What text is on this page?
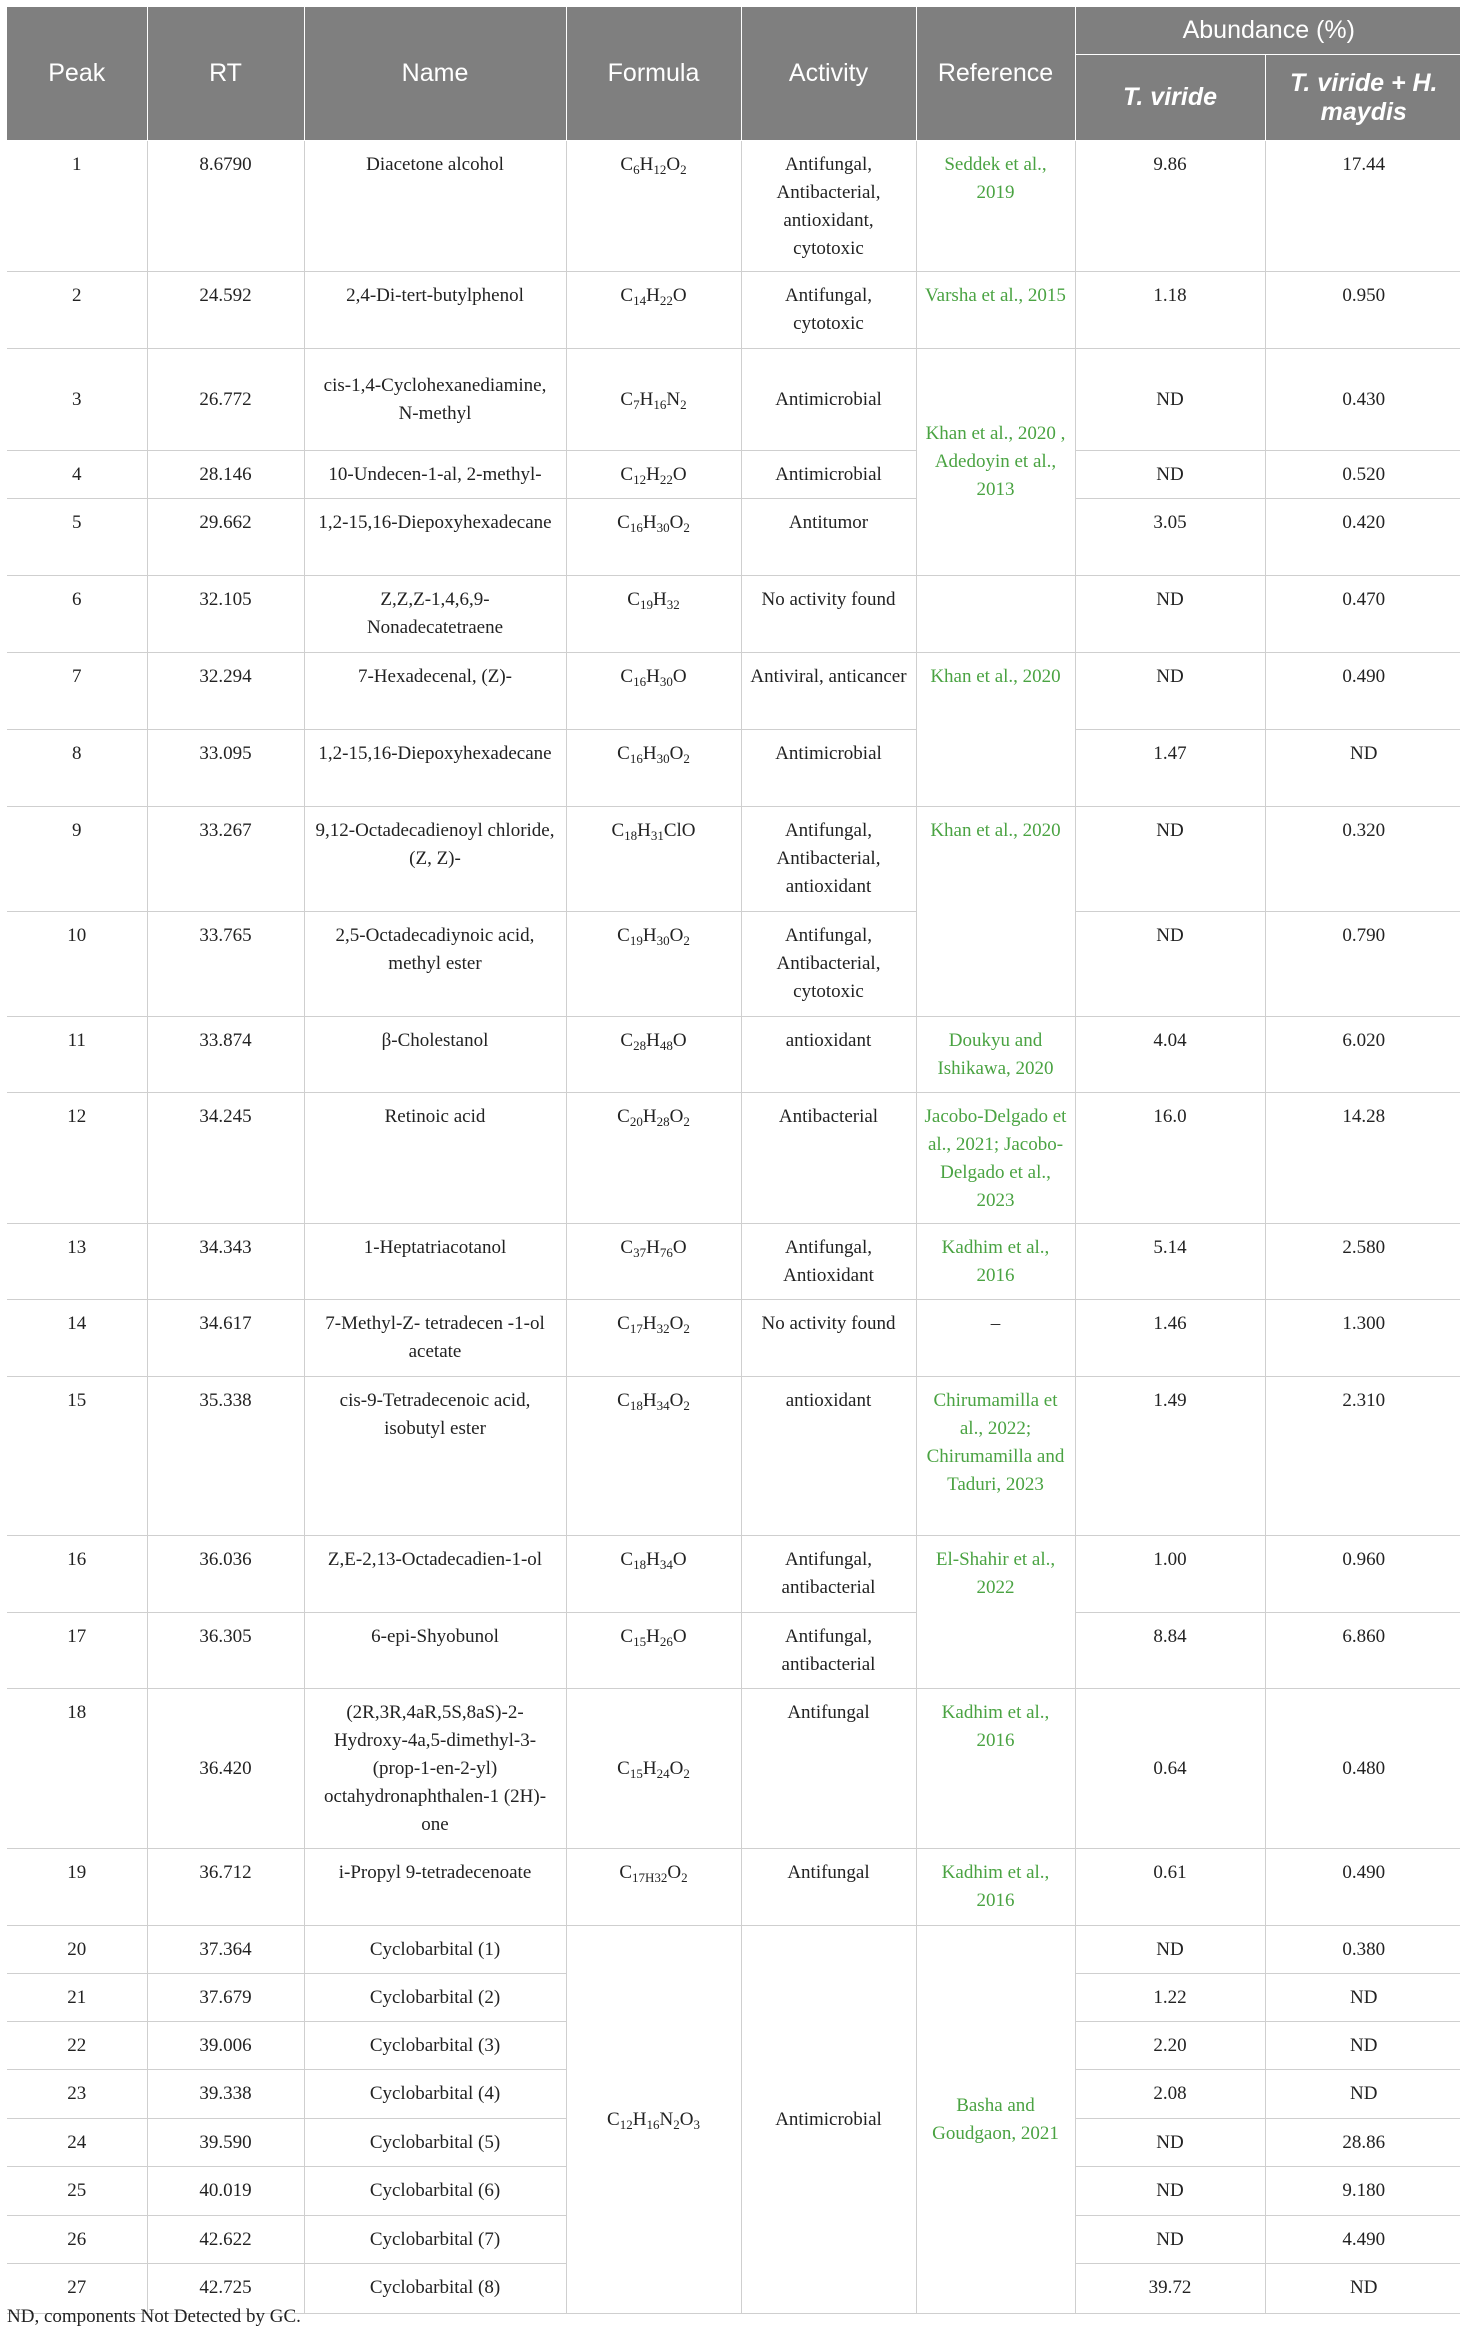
Peak	RT	Name	Formula	Activity	Reference	Abundance (%)	
						T. viride	T. viride + H. maydis
1	8.6790	Diacetone alcohol	$C_6H_{12}O_2$	Antifungal, Antibacterial, antioxidant, cytotoxic	Seddek et al., 2019	9.86	17.44
2	24.592	2,4-Di-tert-butylphenol	$C_{14}H_{22}O$	Antifungal, cytotoxic	Varsha et al., 2015	1.18	0.950
3	26.772	cis-1,4-Cyclohexanediamine, N-methyl	$C_7H_{16}N_2$	Antimicrobial	Khan et al., 2020 , Adedoyin et al., 2013	ND	0.430
4	28.146	10-Undecen-1-al, 2-methyl-	$C_{12}H_{22}O$	Antimicrobial		ND	0.520
5	29.662	1,2-15,16-Diepoxyhexadecane	$C_{16}H_{30}O_2$	Antitumor		3.05	0.420
6	32.105	Z,Z,Z-1,4,6,9-Nonadecatetraene	$C_{19}H_{32}$	No activity found		ND	0.470
7	32.294	7-Hexadecenal, (Z)-	$C_{16}H_{30}O$	Antiviral, anticancer	Khan et al., 2020	ND	0.490
8	33.095	1,2-15,16-Diepoxyhexadecane	$C_{16}H_{30}O_2$	Antimicrobial		1.47	ND
9	33.267	9,12-Octadecadienoyl chloride, (Z, Z)-	$C_{18}H_{31}ClO$	Antifungal, Antibacterial, antioxidant	Khan et al., 2020	ND	0.320
10	33.765	2,5-Octadecadiynoic acid, methyl ester	$C_{19}H_{30}O_2$	Antifungal, Antibacterial, cytotoxic		ND	0.790
11	33.874	β-Cholestanol	$C_{28}H_{48}O$	antioxidant	Doukyu and Ishikawa, 2020	4.04	6.020
12	34.245	Retinoic acid	$C_{20}H_{28}O_2$	Antibacterial	Jacobo-Delgado et al., 2021; Jacobo-Delgado et al., 2023	16.0	14.28
13	34.343	1-Heptatriacotanol	$C_{37}H_{76}O$	Antifungal, Antioxidant	Kadhim et al., 2016	5.14	2.580
14	34.617	7-Methyl-Z- tetradecen -1-ol acetate	$C_{17}H_{32}O_2$	No activity found	–	1.46	1.300
15	35.338	cis-9-Tetradecenoic acid, isobutyl ester	$C_{18}H_{34}O_2$	antioxidant	Chirumamilla et al., 2022; Chirumamilla and Taduri, 2023	1.49	2.310
16	36.036	Z,E-2,13-Octadecadien-1-ol	$C_{18}H_{34}O$	Antifungal, antibacterial	El-Shahir et al., 2022	1.00	0.960
17	36.305	6-epi-Shyobunol	$C_{15}H_{26}O$	Antifungal, antibacterial		8.84	6.860
18	36.420	(2R,3R,4aR,5S,8aS)-2-Hydroxy-4a,5-dimethyl-3-(prop-1-en-2-yl) octahydronaphthalen-1 (2H)-one	$C_{15}H_{24}O_2$	Antifungal	Kadhim et al., 2016	0.64	0.480
19	36.712	i-Propyl 9-tetradecenoate	$C_{17H32}O_2$	Antifungal	Kadhim et al., 2016	0.61	0.490
20	37.364	Cyclobarbital (1)	$C_{12}H_{16}N_2O_3$	Antimicrobial	Basha and Goudgaon, 2021	ND	0.380
21	37.679	Cyclobarbital (2)				1.22	ND
22	39.006	Cyclobarbital (3)				2.20	ND
23	39.338	Cyclobarbital (4)				2.08	ND
24	39.590	Cyclobarbital (5)				ND	28.86
25	40.019	Cyclobarbital (6)				ND	9.180
26	42.622	Cyclobarbital (7)				ND	4.490
27	42.725	Cyclobarbital (8)				39.72	ND
ND, components Not Detected by GC.
